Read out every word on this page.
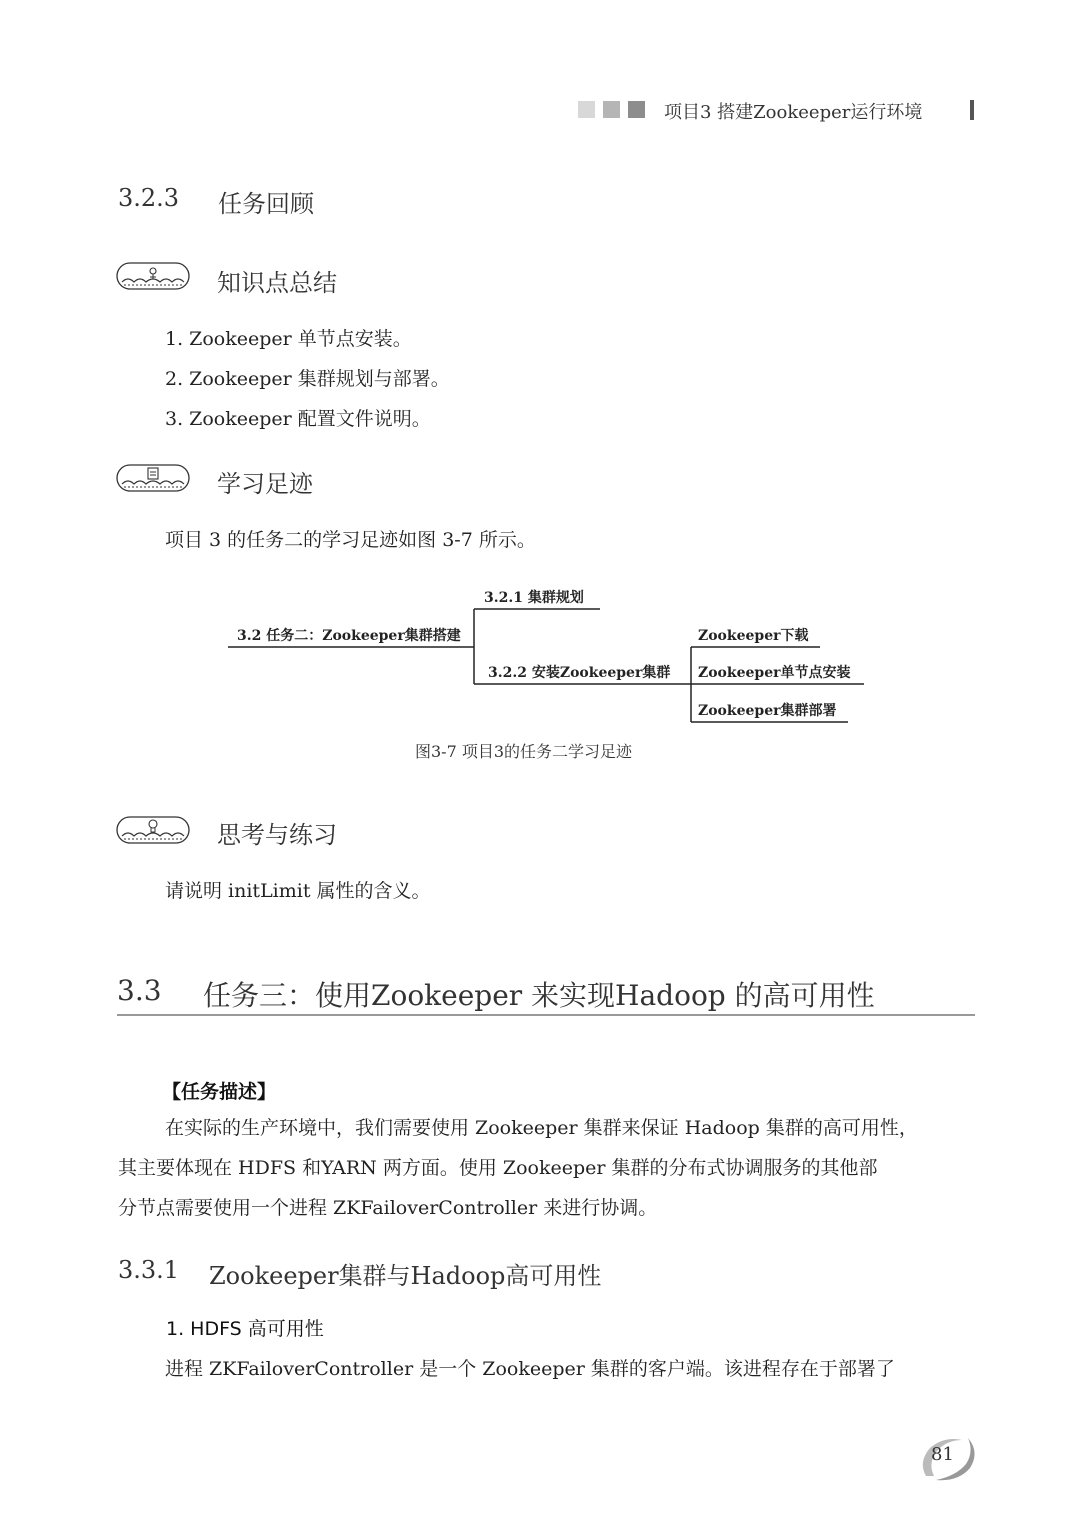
项目3 搭建Zookeeper运行环境
3.2.3 任务回顾
知识点总结
1. Zookeeper 单节点安装。
2. Zookeeper 集群规划与部署。
3. Zookeeper 配置文件说明。
学习足迹
项目 3 的任务二的学习足迹如图 3-7 所示。
3.2 任务二：Zookeeper集群搭建
3.2.1 集群规划
3.2.2 安装Zookeeper集群
Zookeeper下载
Zookeeper单节点安装
Zookeeper集群部署
图3-7 项目3的任务二学习足迹
思考与练习
请说明 initLimit 属性的含义。
3.3 任务三：使用Zookeeper 来实现Hadoop 的高可用性
【任务描述】
在实际的生产环境中，我们需要使用 Zookeeper 集群来保证 Hadoop 集群的高可用性，
其主要体现在 HDFS 和YARN 两方面。使用 Zookeeper 集群的分布式协调服务的其他部
分节点需要使用一个进程 ZKFailoverController 来进行协调。
3.3.1 Zookeeper集群与Hadoop高可用性
1. HDFS 高可用性
进程 ZKFailoverController 是一个 Zookeeper 集群的客户端。该进程存在于部署了
81
